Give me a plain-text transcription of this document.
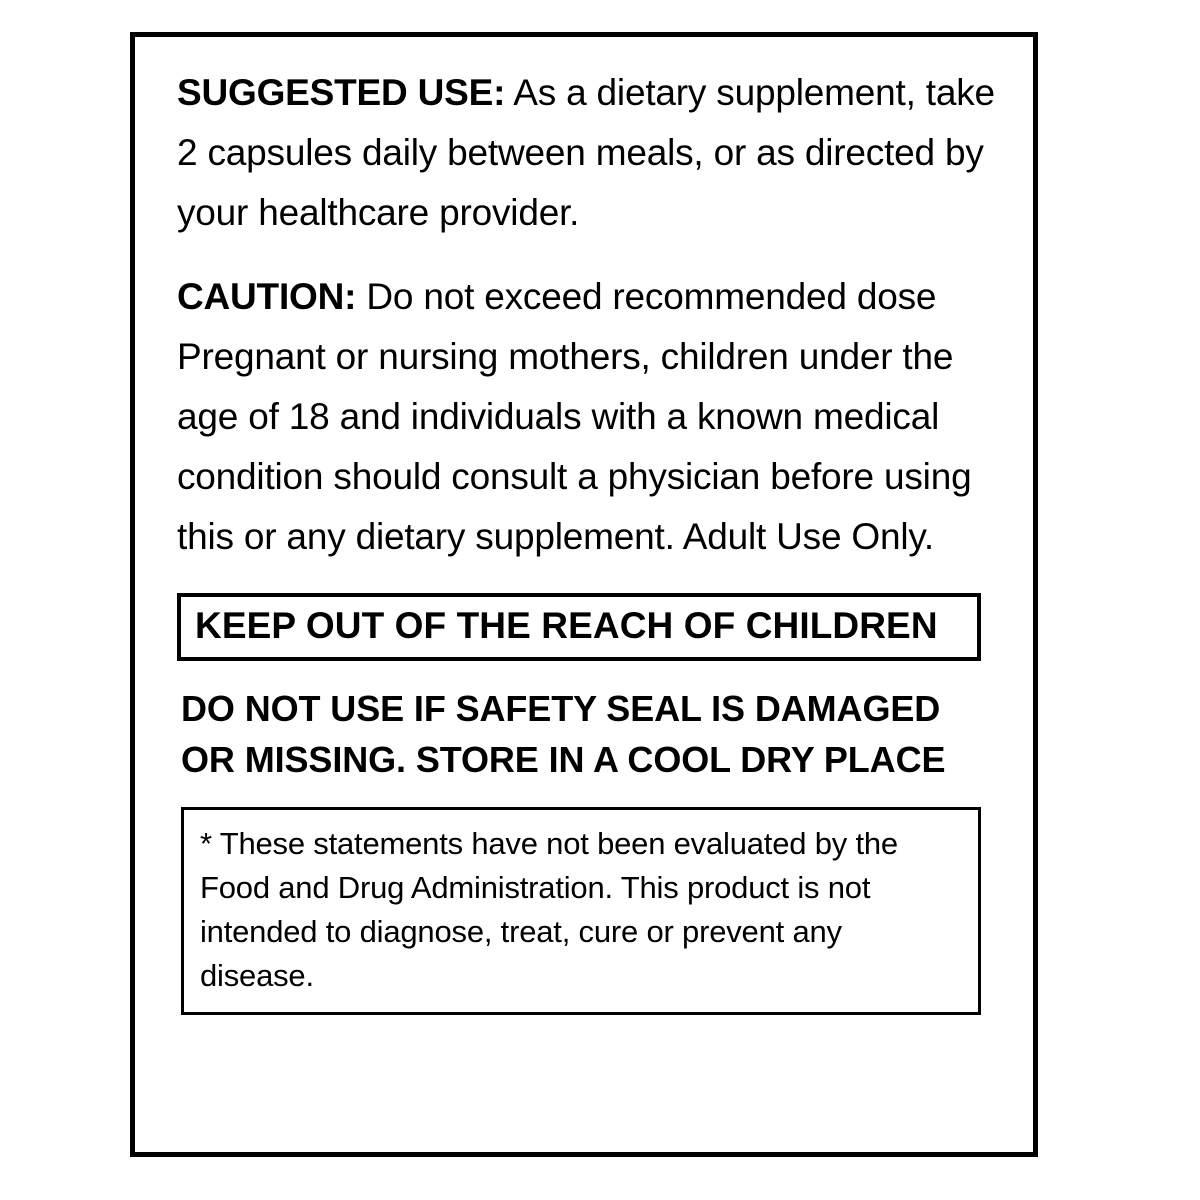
SUGGESTED USE: As a dietary supplement, take 2 capsules daily between meals, or as directed by your healthcare provider.

CAUTION: Do not exceed recommended dose Pregnant or nursing mothers, children under the age of 18 and individuals with a known medical condition should consult a physician before using this or any dietary supplement. Adult Use Only.

KEEP OUT OF THE REACH OF CHILDREN
DO NOT USE IF SAFETY SEAL IS DAMAGED OR MISSING. STORE IN A COOL DRY PLACE
* These statements have not been evaluated by the Food and Drug Administration. This product is not intended to diagnose, treat, cure or prevent any disease.
